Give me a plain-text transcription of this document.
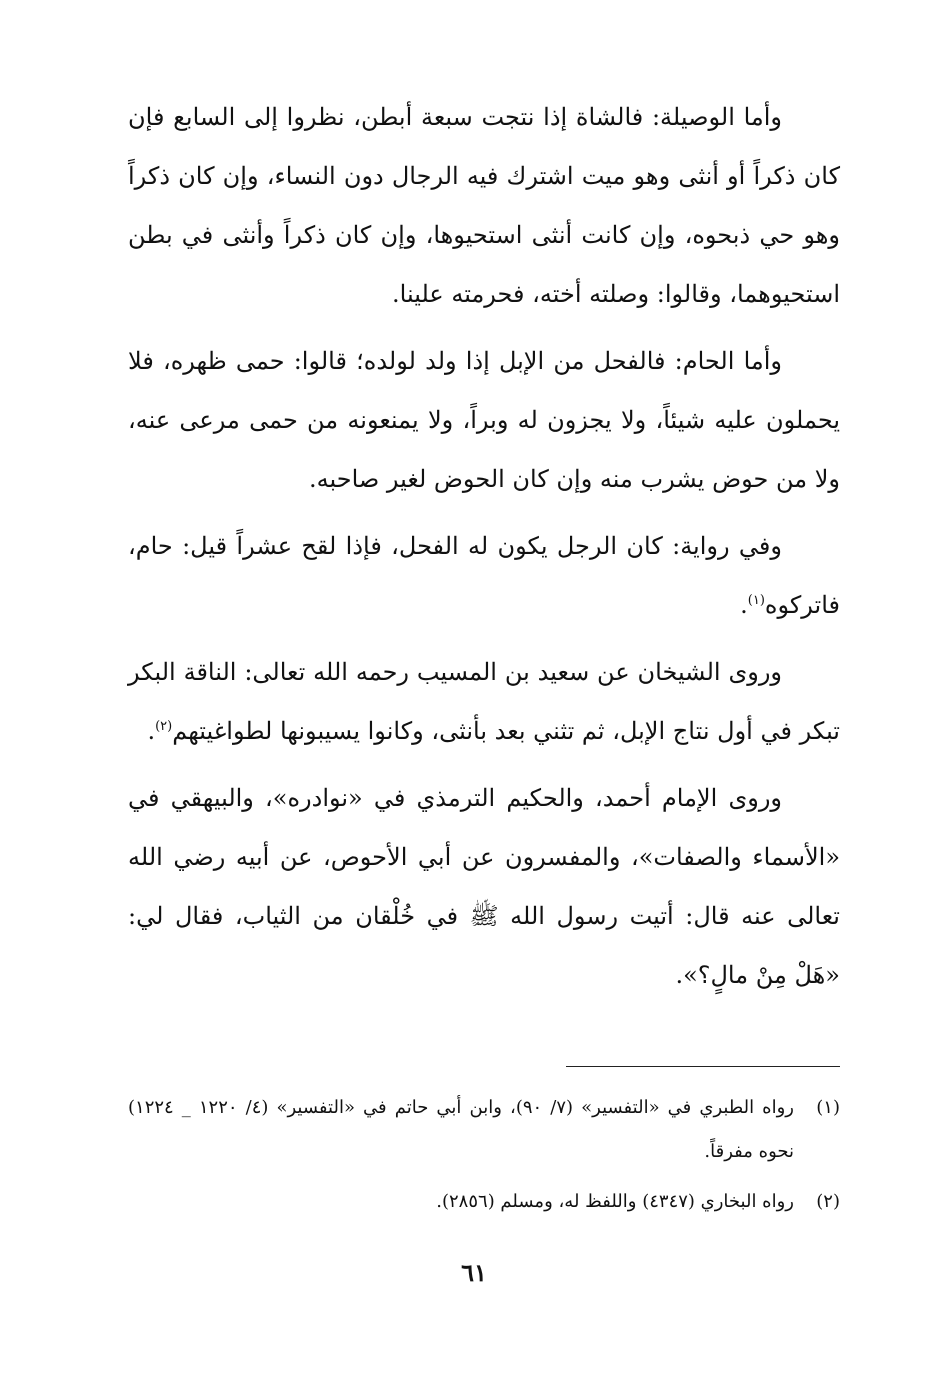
وأما الوصيلة: فالشاة إذا نتجت سبعة أبطن، نظروا إلى السابع فإن كان ذكراً أو أنثى وهو ميت اشترك فيه الرجال دون النساء، وإن كان ذكراً وهو حي ذبحوه، وإن كانت أنثى استحيوها، وإن كان ذكراً وأنثى في بطن استحيوهما، وقالوا: وصلته أخته، فحرمته علينا.

وأما الحام: فالفحل من الإبل إذا ولد لولده؛ قالوا: حمى ظهره، فلا يحملون عليه شيئاً، ولا يجزون له وبراً، ولا يمنعونه من حمى مرعى عنه، ولا من حوض يشرب منه وإن كان الحوض لغير صاحبه.

وفي رواية: كان الرجل يكون له الفحل، فإذا لقح عشراً قيل: حام، فاتركوه$^{(١)}$.

وروى الشيخان عن سعيد بن المسيب رحمه الله تعالى: الناقة البكر تبكر في أول نتاج الإبل، ثم تثني بعد بأنثى، وكانوا يسيبونها لطواغيتهم$^{(٢)}$.

وروى الإمام أحمد، والحكيم الترمذي في «نوادره»، والبيهقي في «الأسماء والصفات»، والمفسرون عن أبي الأحوص، عن أبيه رضي الله تعالى عنه قال: أتيت رسول الله ﷺ في خُلْقان من الثياب، فقال لي: «هَلْ مِنْ مالٍ؟».

(١)
رواه الطبري في «التفسير» (٧/ ٩٠)، وابن أبي حاتم في «التفسير» (٤/ ١٢٢٠ _ ١٢٢٤) نحوه مفرقاً.
(٢)
رواه البخاري (٤٣٤٧) واللفظ له، ومسلم (٢٨٥٦).
٦١
